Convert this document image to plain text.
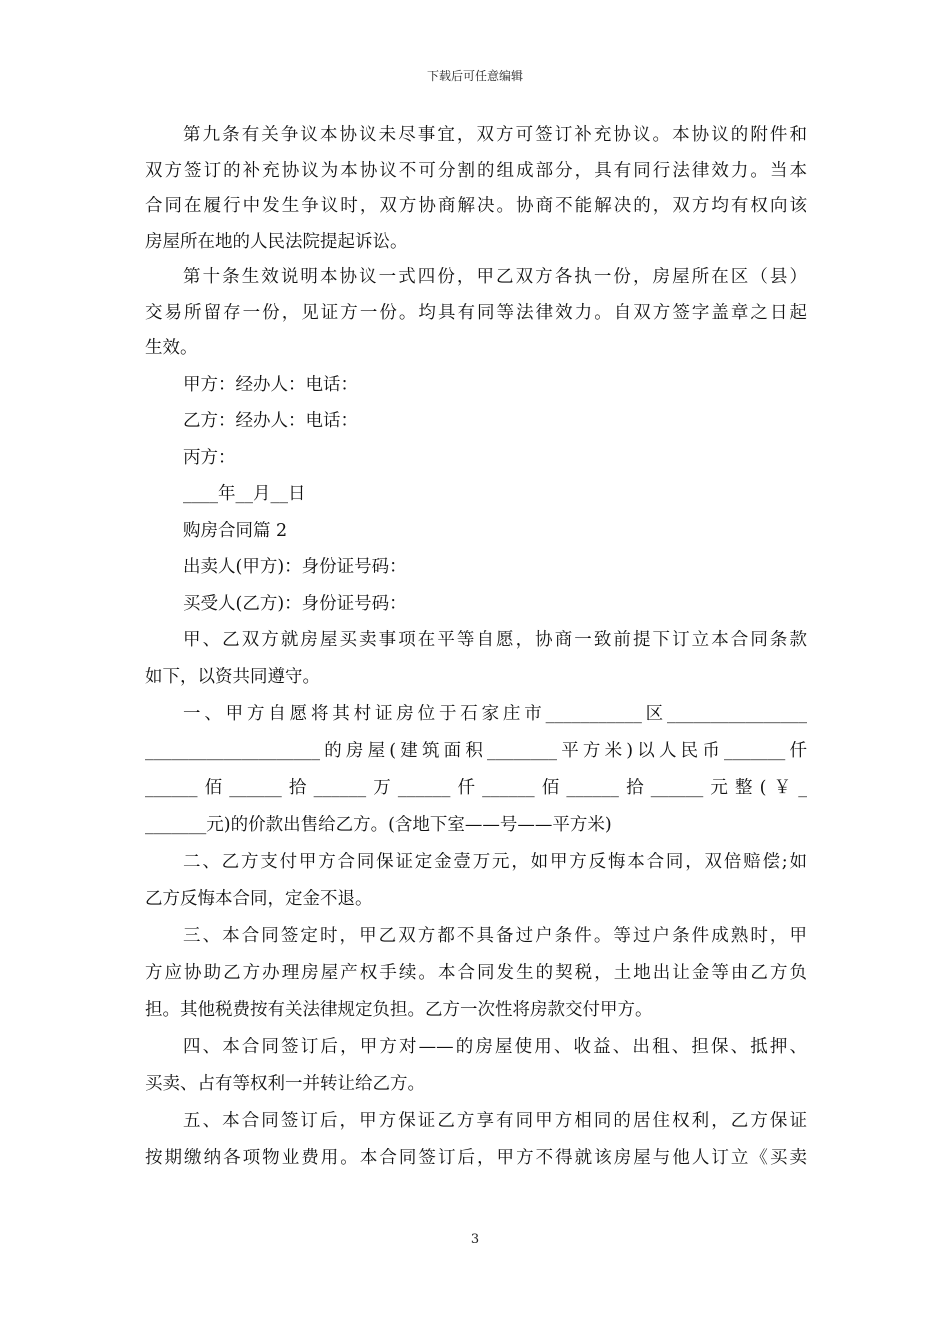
下载后可任意编辑
第九条有关争议本协议未尽事宜，双方可签订补充协议。本协议的附件和
双方签订的补充协议为本协议不可分割的组成部分，具有同行法律效力。当本
合同在履行中发生争议时，双方协商解决。协商不能解决的，双方均有权向该
房屋所在地的人民法院提起诉讼。
第十条生效说明本协议一式四份，甲乙双方各执一份，房屋所在区（县）
交易所留存一份，见证方一份。均具有同等法律效力。自双方签字盖章之日起
生效。
甲方：经办人：电话：
乙方：经办人：电话：
丙方：
____年__月__日
购房合同篇 2
出卖人(甲方)：身份证号码：
买受人(乙方)：身份证号码：
甲、乙双方就房屋买卖事项在平等自愿，协商一致前提下订立本合同条款
如下，以资共同遵守。
一、甲方自愿将其村证房位于石家庄市___________区________________
____________________的房屋(建筑面积________平方米)以人民币_______仟
______佰______拾______万______仟______佰______拾______元整(￥_
_______元)的价款出售给乙方。(含地下室——号——平方米)
二、乙方支付甲方合同保证定金壹万元，如甲方反悔本合同，双倍赔偿;如
乙方反悔本合同，定金不退。
三、本合同签定时，甲乙双方都不具备过户条件。等过户条件成熟时，甲
方应协助乙方办理房屋产权手续。本合同发生的契税，土地出让金等由乙方负
担。其他税费按有关法律规定负担。乙方一次性将房款交付甲方。
四、本合同签订后，甲方对——的房屋使用、收益、出租、担保、抵押、
买卖、占有等权利一并转让给乙方。
五、本合同签订后，甲方保证乙方享有同甲方相同的居住权利，乙方保证
按期缴纳各项物业费用。本合同签订后，甲方不得就该房屋与他人订立《买卖
3
